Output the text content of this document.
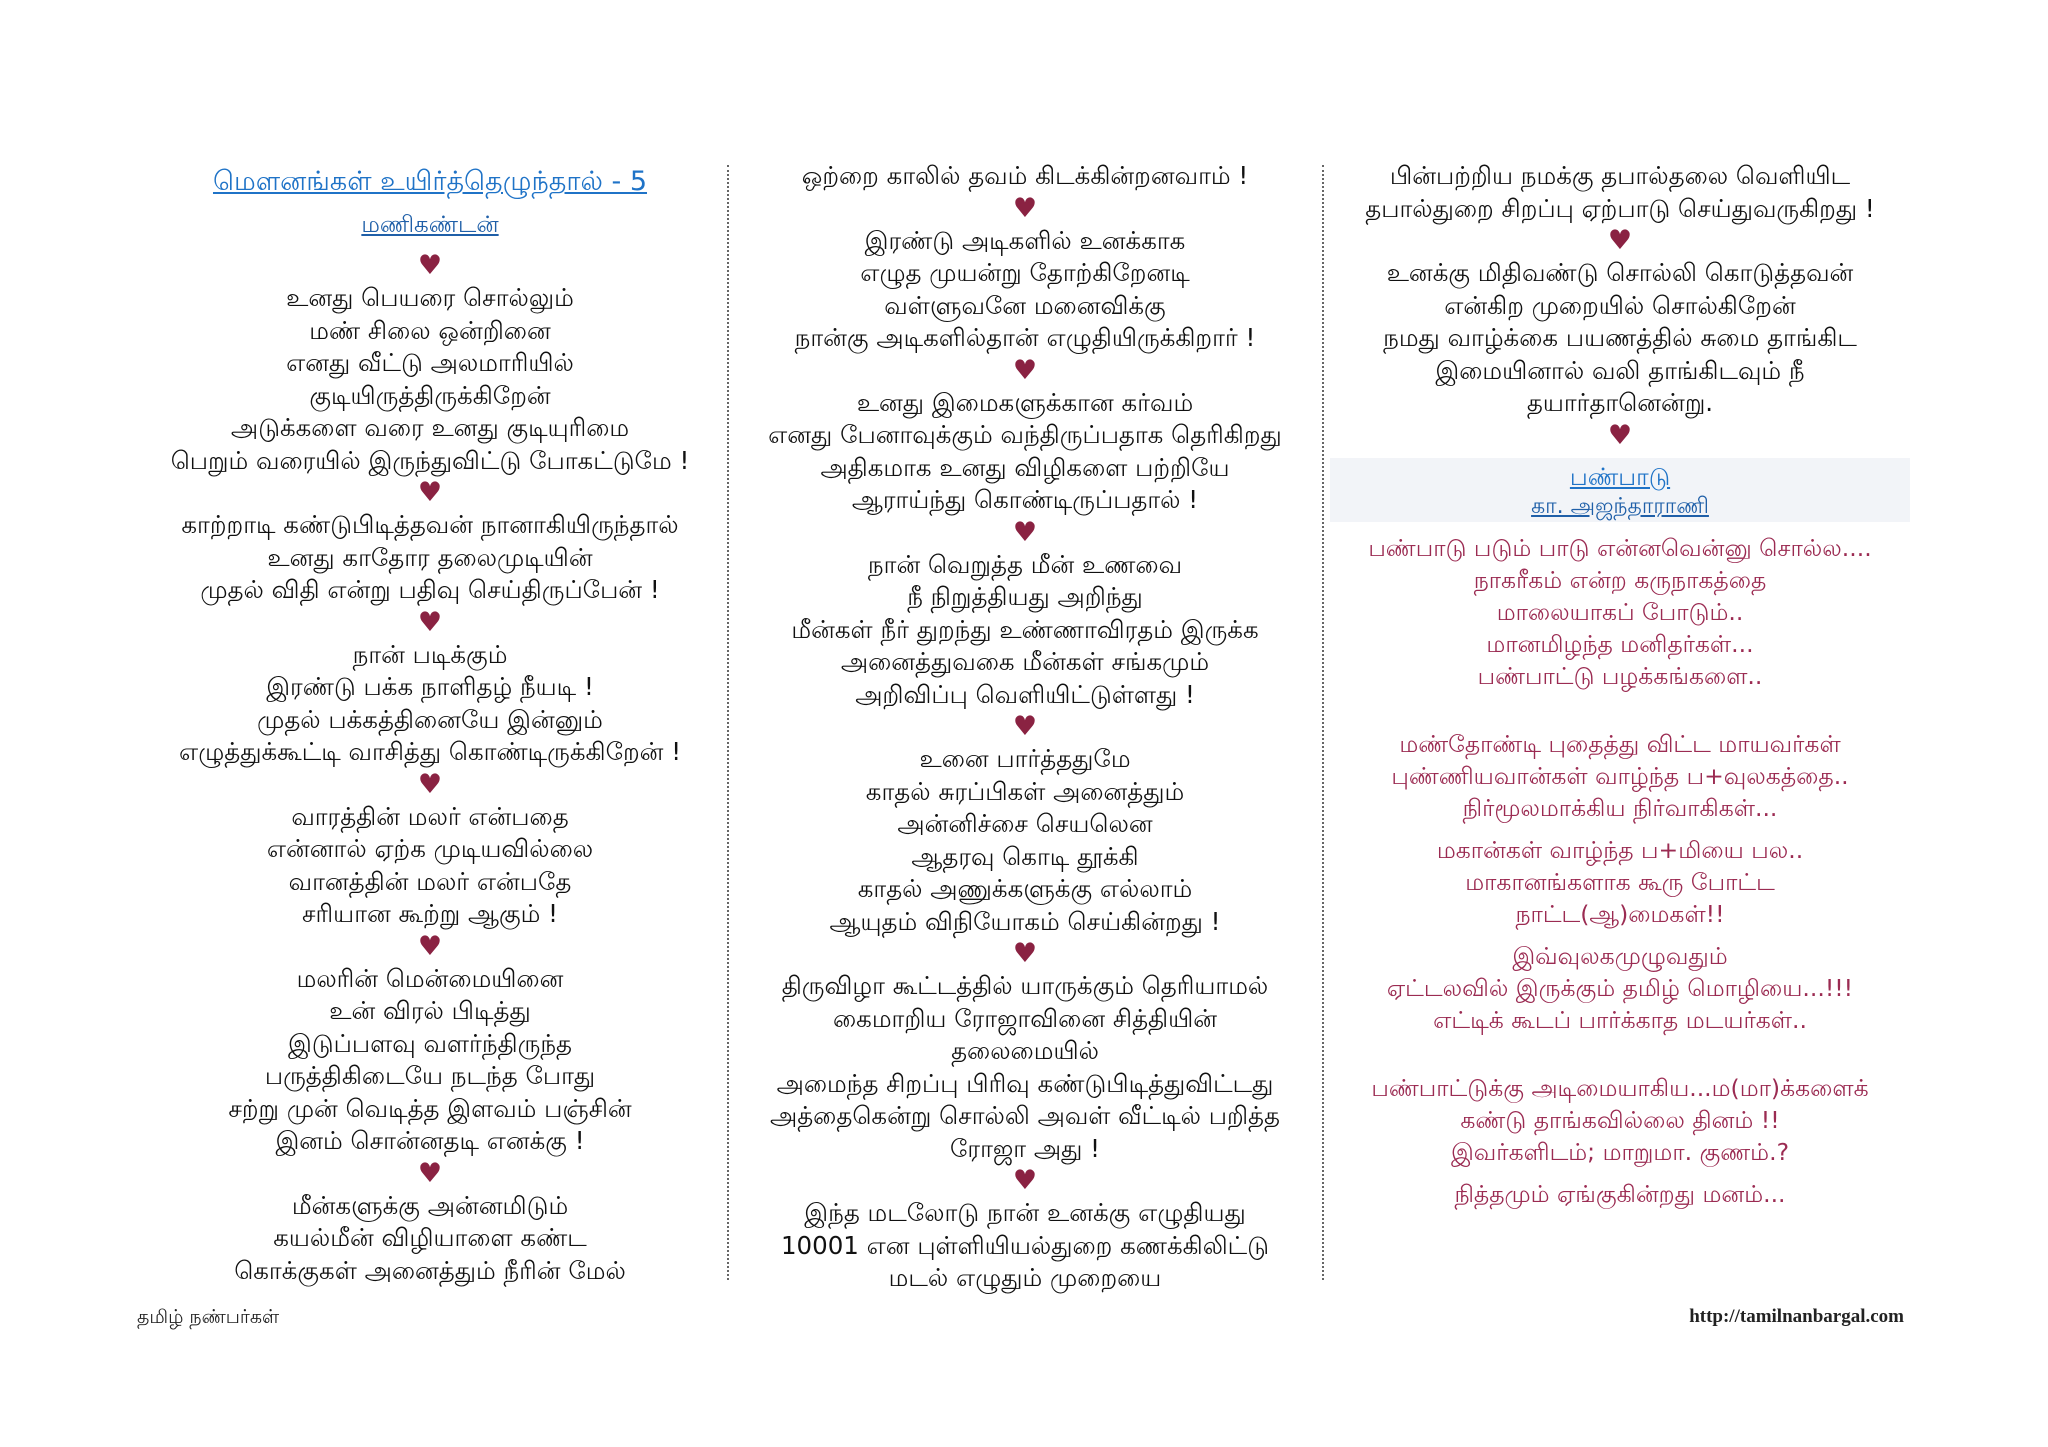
மௌனங்கள் உயிர்த்தெழுந்தால் - 5
மணிகண்டன்
♥
உனது பெயரை சொல்லும்
மண் சிலை ஒன்றினை
எனது வீட்டு அலமாரியில்
குடியிருத்திருக்கிறேன்
அடுக்களை வரை உனது குடியுரிமை
பெறும் வரையில் இருந்துவிட்டு போகட்டுமே !
♥
காற்றாடி கண்டுபிடித்தவன் நானாகியிருந்தால்
உனது காதோர தலைமுடியின்
முதல் விதி என்று பதிவு செய்திருப்பேன் !
♥
நான் படிக்கும்
இரண்டு பக்க நாளிதழ் நீயடி !
முதல் பக்கத்தினையே இன்னும்
எழுத்துக்கூட்டி வாசித்து கொண்டிருக்கிறேன் !
♥
வாரத்தின் மலர் என்பதை
என்னால் ஏற்க முடியவில்லை
வானத்தின் மலர் என்பதே
சரியான கூற்று ஆகும் !
♥
மலரின் மென்மையினை
உன் விரல் பிடித்து
இடுப்பளவு வளர்ந்திருந்த
பருத்திகிடையே நடந்த போது
சற்று முன் வெடித்த இளவம் பஞ்சின்
இனம் சொன்னதடி எனக்கு !
♥
மீன்களுக்கு அன்னமிடும்
கயல்மீன் விழியாளை கண்ட
கொக்குகள் அனைத்தும் நீரின் மேல்
ஒற்றை காலில் தவம் கிடக்கின்றனவாம் !
♥
இரண்டு அடிகளில் உனக்காக
எழுத முயன்று தோற்கிறேனடி
வள்ளுவனே மனைவிக்கு
நான்கு அடிகளில்தான் எழுதியிருக்கிறார் !
♥
உனது இமைகளுக்கான கர்வம்
எனது பேனாவுக்கும் வந்திருப்பதாக தெரிகிறது
அதிகமாக உனது விழிகளை பற்றியே
ஆராய்ந்து கொண்டிருப்பதால் !
♥
நான் வெறுத்த மீன் உணவை
நீ நிறுத்தியது அறிந்து
மீன்கள் நீர் துறந்து உண்ணாவிரதம் இருக்க
அனைத்துவகை மீன்கள் சங்கமும்
அறிவிப்பு வெளியிட்டுள்ளது !
♥
உனை பார்த்ததுமே
காதல் சுரப்பிகள் அனைத்தும்
அன்னிச்சை செயலென
ஆதரவு கொடி தூக்கி
காதல் அணுக்களுக்கு எல்லாம்
ஆயுதம் விநியோகம் செய்கின்றது !
♥
திருவிழா கூட்டத்தில் யாருக்கும் தெரியாமல்
கைமாறிய ரோஜாவினை சித்தியின்
தலைமையில்
அமைந்த சிறப்பு பிரிவு கண்டுபிடித்துவிட்டது
அத்தைகென்று சொல்லி அவள் வீட்டில் பறித்த
ரோஜா அது !
♥
இந்த மடலோடு நான் உனக்கு எழுதியது
10001 என புள்ளியியல்துறை கணக்கிலிட்டு
மடல் எழுதும் முறையை
பின்பற்றிய நமக்கு தபால்தலை வெளியிட
தபால்துறை சிறப்பு ஏற்பாடு செய்துவருகிறது !
♥
உனக்கு மிதிவண்டு சொல்லி கொடுத்தவன்
என்கிற முறையில் சொல்கிறேன்
நமது வாழ்க்கை பயணத்தில் சுமை தாங்கிட
இமையினால் வலி தாங்கிடவும் நீ
தயார்தானென்று.
♥
பண்பாடு
கா. அஜந்தாராணி
பண்பாடு படும் பாடு என்னவென்னு சொல்ல....
நாகரீகம் என்ற கருநாகத்தை
மாலையாகப் போடும்..
மானமிழந்த மனிதர்கள்...
பண்பாட்டு பழக்கங்களை..
மண்தோண்டி புதைத்து விட்ட மாயவர்கள்
புண்ணியவான்கள் வாழ்ந்த ப+வுலகத்தை..
நிர்மூலமாக்கிய நிர்வாகிகள்...
மகான்கள் வாழ்ந்த ப+மியை பல..
மாகானங்களாக கூரு போட்ட
நாட்ட(ஆ)மைகள்!!
இவ்வுலகமுழுவதும்
ஏட்டலவில் இருக்கும் தமிழ் மொழியை...!!!
எட்டிக் கூடப் பார்க்காத மடயர்கள்..
பண்பாட்டுக்கு அடிமையாகிய...ம(மா)க்களைக்
கண்டு தாங்கவில்லை தினம் !!
இவர்களிடம்; மாறுமா. குணம்.?
நித்தமும் ஏங்குகின்றது மனம்...
தமிழ் நண்பர்கள்	http://tamilnanbargal.com
